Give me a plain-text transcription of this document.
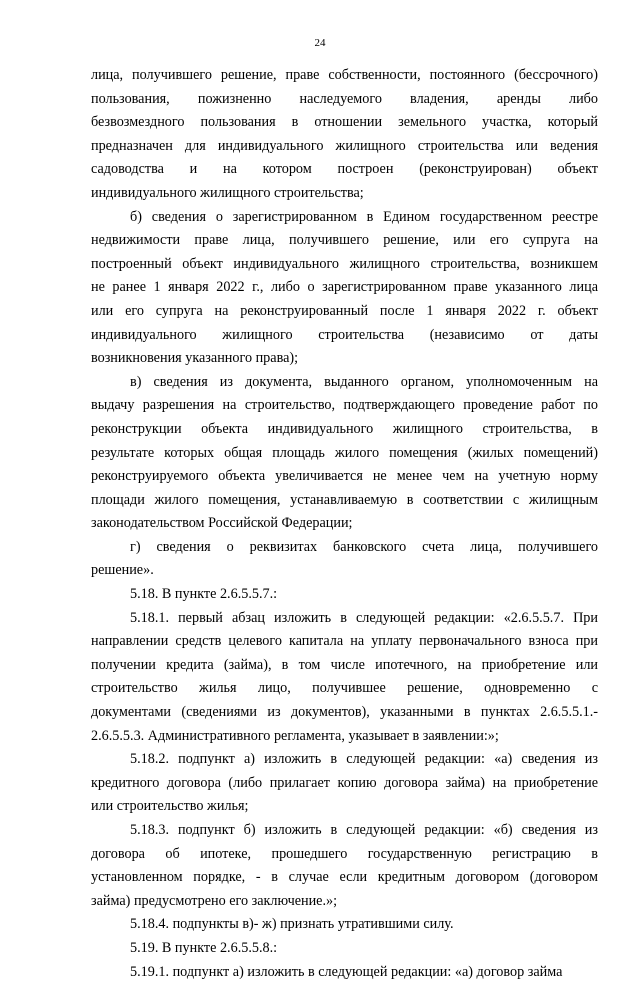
24
лица, получившего решение, праве собственности, постоянного (бессрочного)
пользования, пожизненно наследуемого владения, аренды либо
безвозмездного пользования в отношении земельного участка, который
предназначен для индивидуального жилищного строительства или ведения
садоводства и на котором построен (реконструирован) объект
индивидуального жилищного строительства;
б) сведения о зарегистрированном в Едином государственном реестре
недвижимости праве лица, получившего решение, или его супруга на
построенный объект индивидуального жилищного строительства, возникшем
не ранее 1 января 2022 г., либо о зарегистрированном праве указанного лица
или его супруга на реконструированный после 1 января 2022 г. объект
индивидуального жилищного строительства (независимо от даты
возникновения указанного права);
в) сведения из документа, выданного органом, уполномоченным на
выдачу разрешения на строительство, подтверждающего проведение работ по
реконструкции объекта индивидуального жилищного строительства, в
результате которых общая площадь жилого помещения (жилых помещений)
реконструируемого объекта увеличивается не менее чем на учетную норму
площади жилого помещения, устанавливаемую в соответствии с жилищным
законодательством Российской Федерации;
г) сведения о реквизитах банковского счета лица, получившего
решение».
5.18. В пункте 2.6.5.5.7.:
5.18.1. первый абзац изложить в следующей редакции: «2.6.5.5.7. При
направлении средств целевого капитала на уплату первоначального взноса при
получении кредита (займа), в том числе ипотечного, на приобретение или
строительство жилья лицо, получившее решение, одновременно с
документами (сведениями из документов), указанными в пунктах 2.6.5.5.1.-
2.6.5.5.3. Административного регламента, указывает в заявлении:»;
5.18.2. подпункт а) изложить в следующей редакции: «а) сведения из
кредитного договора (либо прилагает копию договора займа) на приобретение
или строительство жилья;
5.18.3. подпункт б) изложить в следующей редакции: «б) сведения из
договора об ипотеке, прошедшего государственную регистрацию в
установленном порядке, - в случае если кредитным договором (договором
займа) предусмотрено его заключение.»;
5.18.4. подпункты в)- ж) признать утратившими силу.
5.19. В пункте 2.6.5.5.8.:
5.19.1. подпункт а) изложить в следующей редакции: «а) договор займа
